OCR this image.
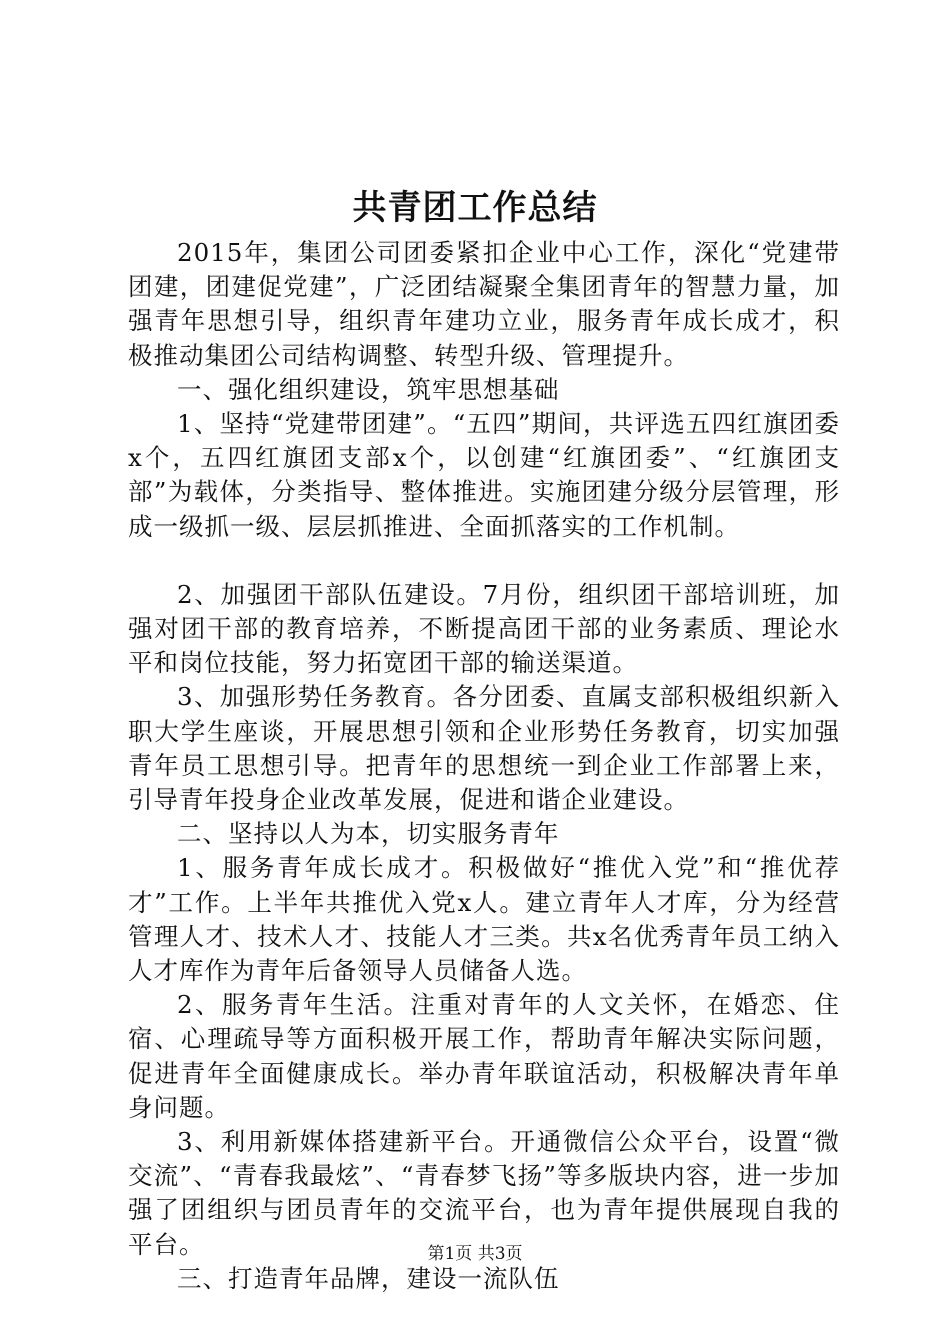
共青团工作总结

2015年，集团公司团委紧扣企业中心工作，深化“党建带团建，团建促党建”，广泛团结凝聚全集团青年的智慧力量，加强青年思想引导，组织青年建功立业，服务青年成长成才，积极推动集团公司结构调整、转型升级、管理提升。

一、强化组织建设，筑牢思想基础

1、坚持“党建带团建”。“五四”期间，共评选五四红旗团委x个，五四红旗团支部x个，以创建“红旗团委”、“红旗团支部”为载体，分类指导、整体推进。实施团建分级分层管理，形成一级抓一级、层层抓推进、全面抓落实的工作机制。

2、加强团干部队伍建设。7月份，组织团干部培训班，加强对团干部的教育培养，不断提高团干部的业务素质、理论水平和岗位技能，努力拓宽团干部的输送渠道。

3、加强形势任务教育。各分团委、直属支部积极组织新入职大学生座谈，开展思想引领和企业形势任务教育，切实加强青年员工思想引导。把青年的思想统一到企业工作部署上来，引导青年投身企业改革发展，促进和谐企业建设。

二、坚持以人为本，切实服务青年

1、服务青年成长成才。积极做好“推优入党”和“推优荐才”工作。上半年共推优入党x人。建立青年人才库，分为经营管理人才、技术人才、技能人才三类。共x名优秀青年员工纳入人才库作为青年后备领导人员储备人选。

2、服务青年生活。注重对青年的人文关怀，在婚恋、住宿、心理疏导等方面积极开展工作，帮助青年解决实际问题，促进青年全面健康成长。举办青年联谊活动，积极解决青年单身问题。

3、利用新媒体搭建新平台。开通微信公众平台，设置“微交流”、“青春我最炫”、“青春梦飞扬”等多版块内容，进一步加强了团组织与团员青年的交流平台，也为青年提供展现自我的平台。

三、打造青年品牌，建设一流队伍

第1页 共3页
